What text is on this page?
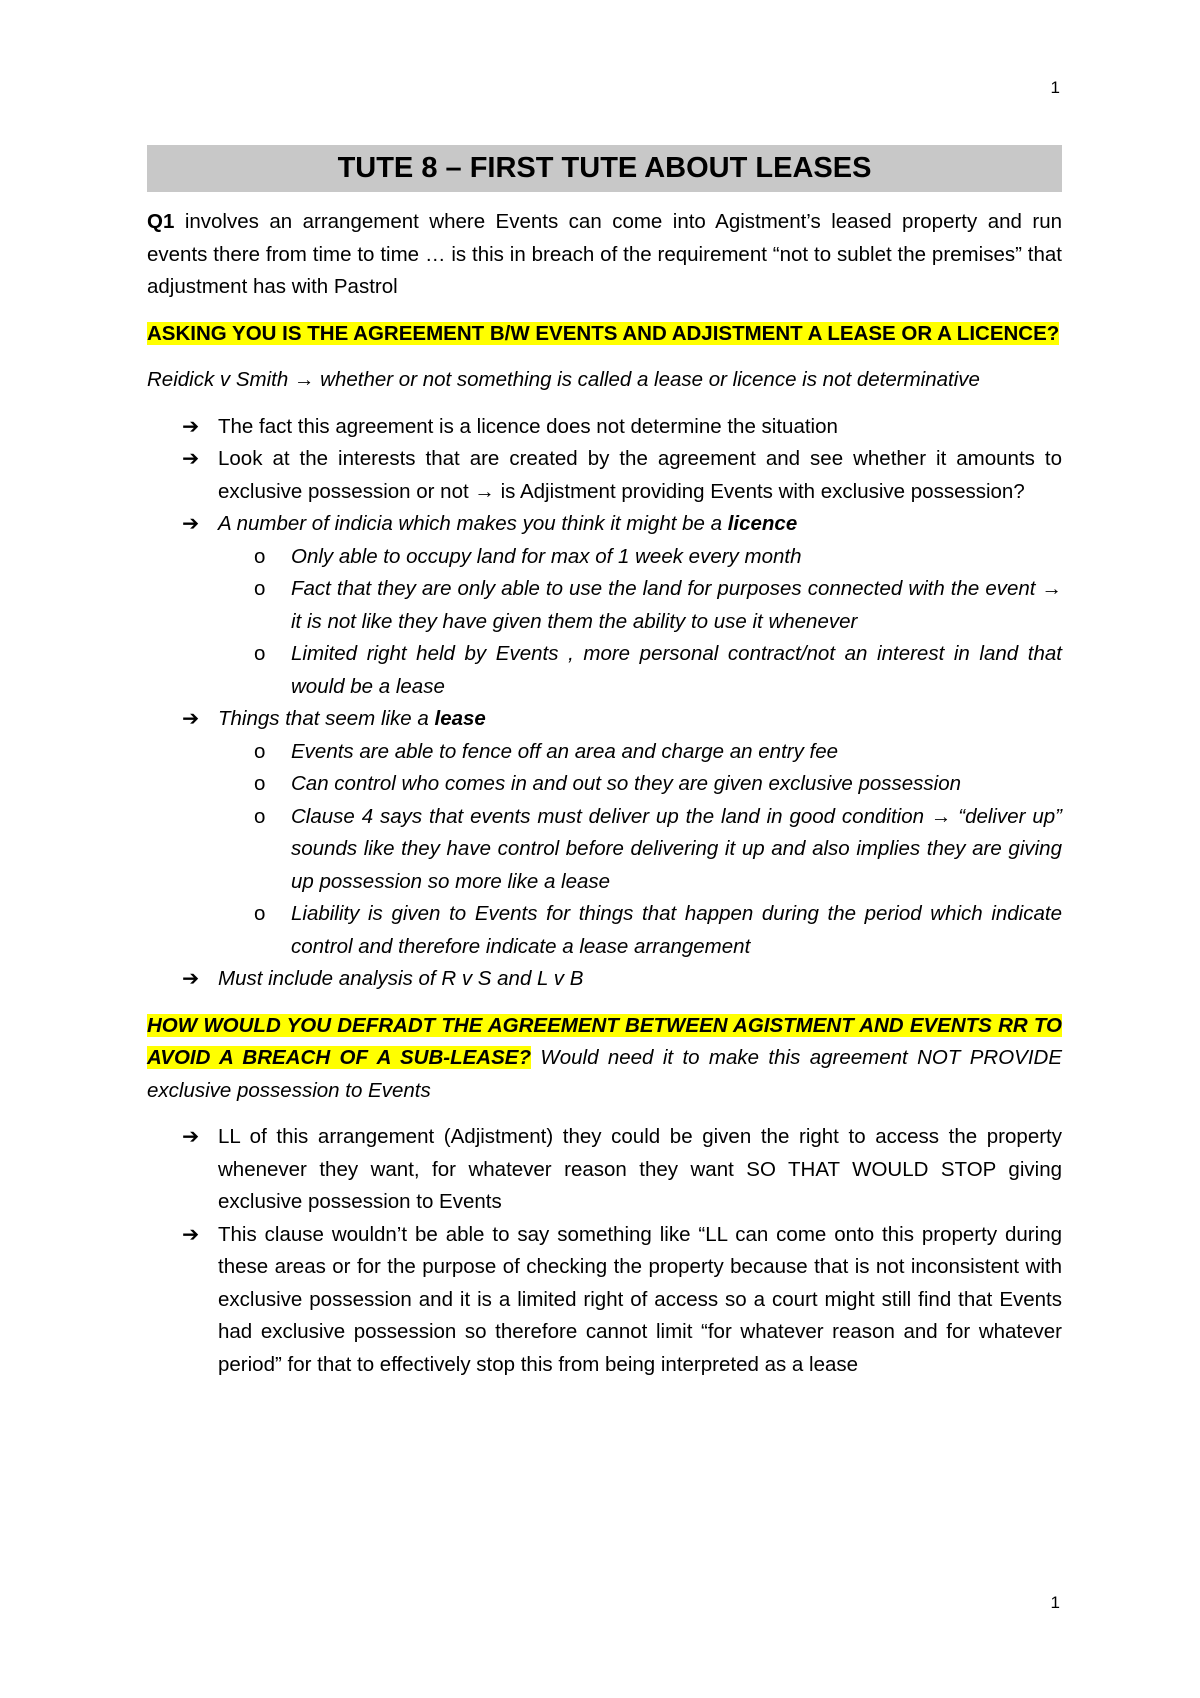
1
TUTE 8 – FIRST TUTE ABOUT LEASES

Q1 involves an arrangement where Events can come into Agistment’s leased property and run events there from time to time … is this in breach of the requirement “not to sublet the premises” that adjustment has with Pastrol

ASKING YOU IS THE AGREEMENT B/W EVENTS AND ADJISTMENT A LEASE OR A LICENCE?

Reidick v Smith → whether or not something is called a lease or licence is not determinative

➔ The fact this agreement is a licence does not determine the situation
➔ Look at the interests that are created by the agreement and see whether it amounts to exclusive possession or not → is Adjistment providing Events with exclusive possession?
➔ A number of indicia which makes you think it might be a licence
o Only able to occupy land for max of 1 week every month
o Fact that they are only able to use the land for purposes connected with the event → it is not like they have given them the ability to use it whenever
o Limited right held by Events , more personal contract/not an interest in land that would be a lease
➔ Things that seem like a lease
o Events are able to fence off an area and charge an entry fee
o Can control who comes in and out so they are given exclusive possession
o Clause 4 says that events must deliver up the land in good condition → “deliver up” sounds like they have control before delivering it up and also implies they are giving up possession so more like a lease
o Liability is given to Events for things that happen during the period which indicate control and therefore indicate a lease arrangement
➔ Must include analysis of R v S and L v B

HOW WOULD YOU DEFRADT THE AGREEMENT BETWEEN AGISTMENT AND EVENTS RR TO AVOID A BREACH OF A SUB-LEASE? Would need it to make this agreement NOT PROVIDE exclusive possession to Events

➔ LL of this arrangement (Adjistment) they could be given the right to access the property whenever they want, for whatever reason they want SO THAT WOULD STOP giving exclusive possession to Events
➔ This clause wouldn’t be able to say something like “LL can come onto this property during these areas or for the purpose of checking the property because that is not inconsistent with exclusive possession and it is a limited right of access so a court might still find that Events had exclusive possession so therefore cannot limit “for whatever reason and for whatever period” for that to effectively stop this from being interpreted as a lease
1
